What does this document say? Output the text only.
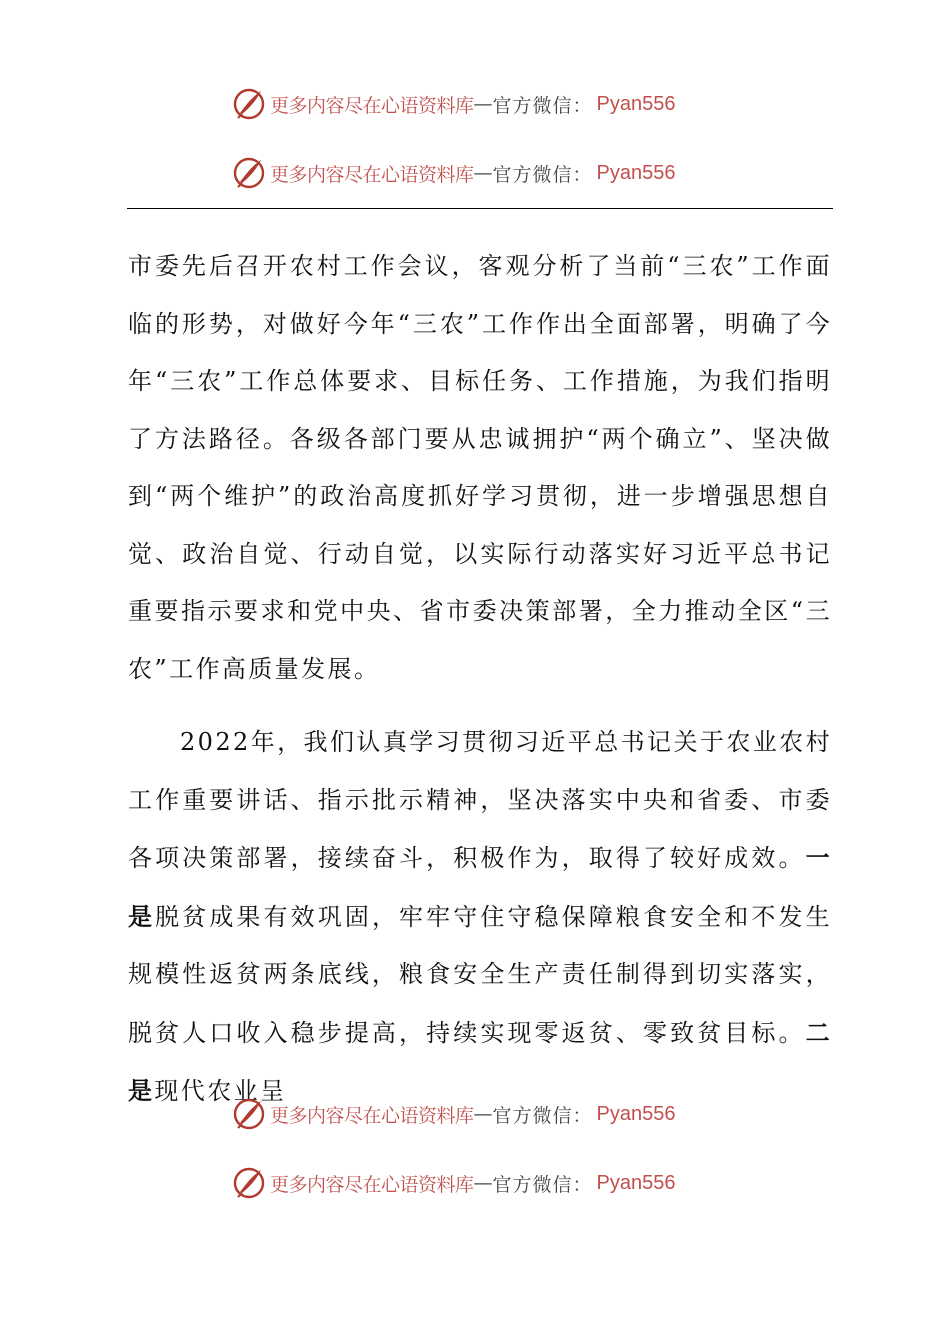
更多内容尽在心语资料库 — 官方微信： Pyan556
更多内容尽在心语资料库 — 官方微信： Pyan556

市委先后召开农村工作会议，客观分析了当前“三农”工作面临的形势，对做好今年“三农”工作作出全面部署，明确了今年“三农”工作总体要求、目标任务、工作措施，为我们指明了方法路径。各级各部门要从忠诚拥护“两个确立”、坚决做到“两个维护”的政治高度抓好学习贯彻，进一步增强思想自觉、政治自觉、行动自觉，以实际行动落实好习近平总书记重要指示要求和党中央、省市委决策部署，全力推动全区“三农”工作高质量发展。

2022年，我们认真学习贯彻习近平总书记关于农业农村工作重要讲话、指示批示精神，坚决落实中央和省委、市委各项决策部署，接续奋斗，积极作为，取得了较好成效。一是脱贫成果有效巩固，牢牢守住守稳保障粮食安全和不发生规模性返贫两条底线，粮食安全生产责任制得到切实落实，脱贫人口收入稳步提高，持续实现零返贫、零致贫目标。二是现代农业呈

更多内容尽在心语资料库 — 官方微信： Pyan556
更多内容尽在心语资料库 — 官方微信： Pyan556
